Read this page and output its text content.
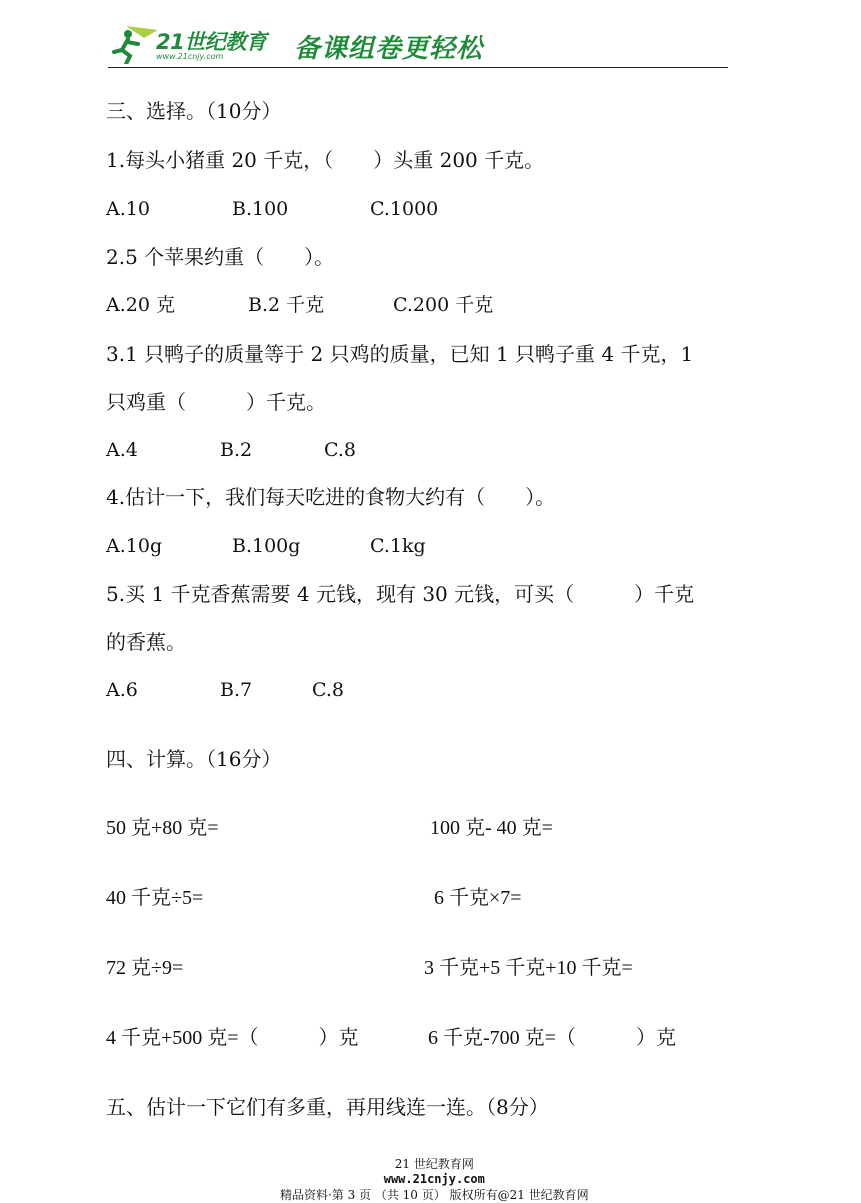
21世纪教育
www.21cnjy.com	备课组卷更轻松
三、选择。（10分）
1.每头小猪重 20 千克，（　　）头重 200 千克。
A.10	B.100	C.1000
2.5 个苹果约重（　　）。
A.20 克	B.2 千克	C.200 千克
3.1 只鸭子的质量等于 2 只鸡的质量，已知 1 只鸭子重 4 千克，1
只鸡重（　　　）千克。
A.4	B.2	C.8
4.估计一下，我们每天吃进的食物大约有（　　）。
A.10g	B.100g	C.1kg
5.买 1 千克香蕉需要 4 元钱，现有 30 元钱，可买（　　　）千克
的香蕉。
A.6	B.7	C.8
四、计算。（16分）
50 克+80 克=	100 克- 40 克=
40 千克÷5=	6 千克×7=
72 克÷9=	3 千克+5 千克+10 千克=
4 千克+500 克=（　　　）克	6 千克-700 克=（　　　）克
五、估计一下它们有多重，再用线连一连。（8分）

21 世纪教育网
www.21cnjy.com
精品资料·第 3 页 （共 10 页） 版权所有@21 世纪教育网
